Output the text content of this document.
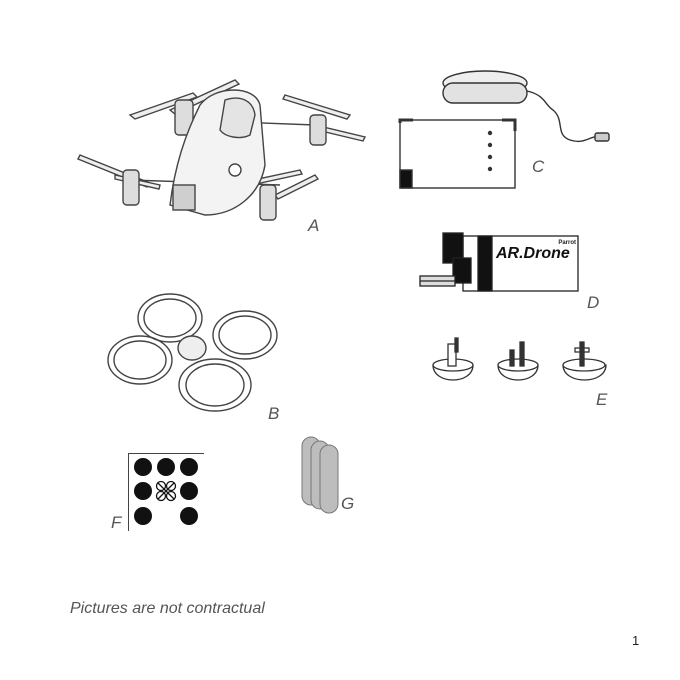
A
C
Parrot
AR.Drone
D
B
E
F
G
Pictures are not contractual
1
